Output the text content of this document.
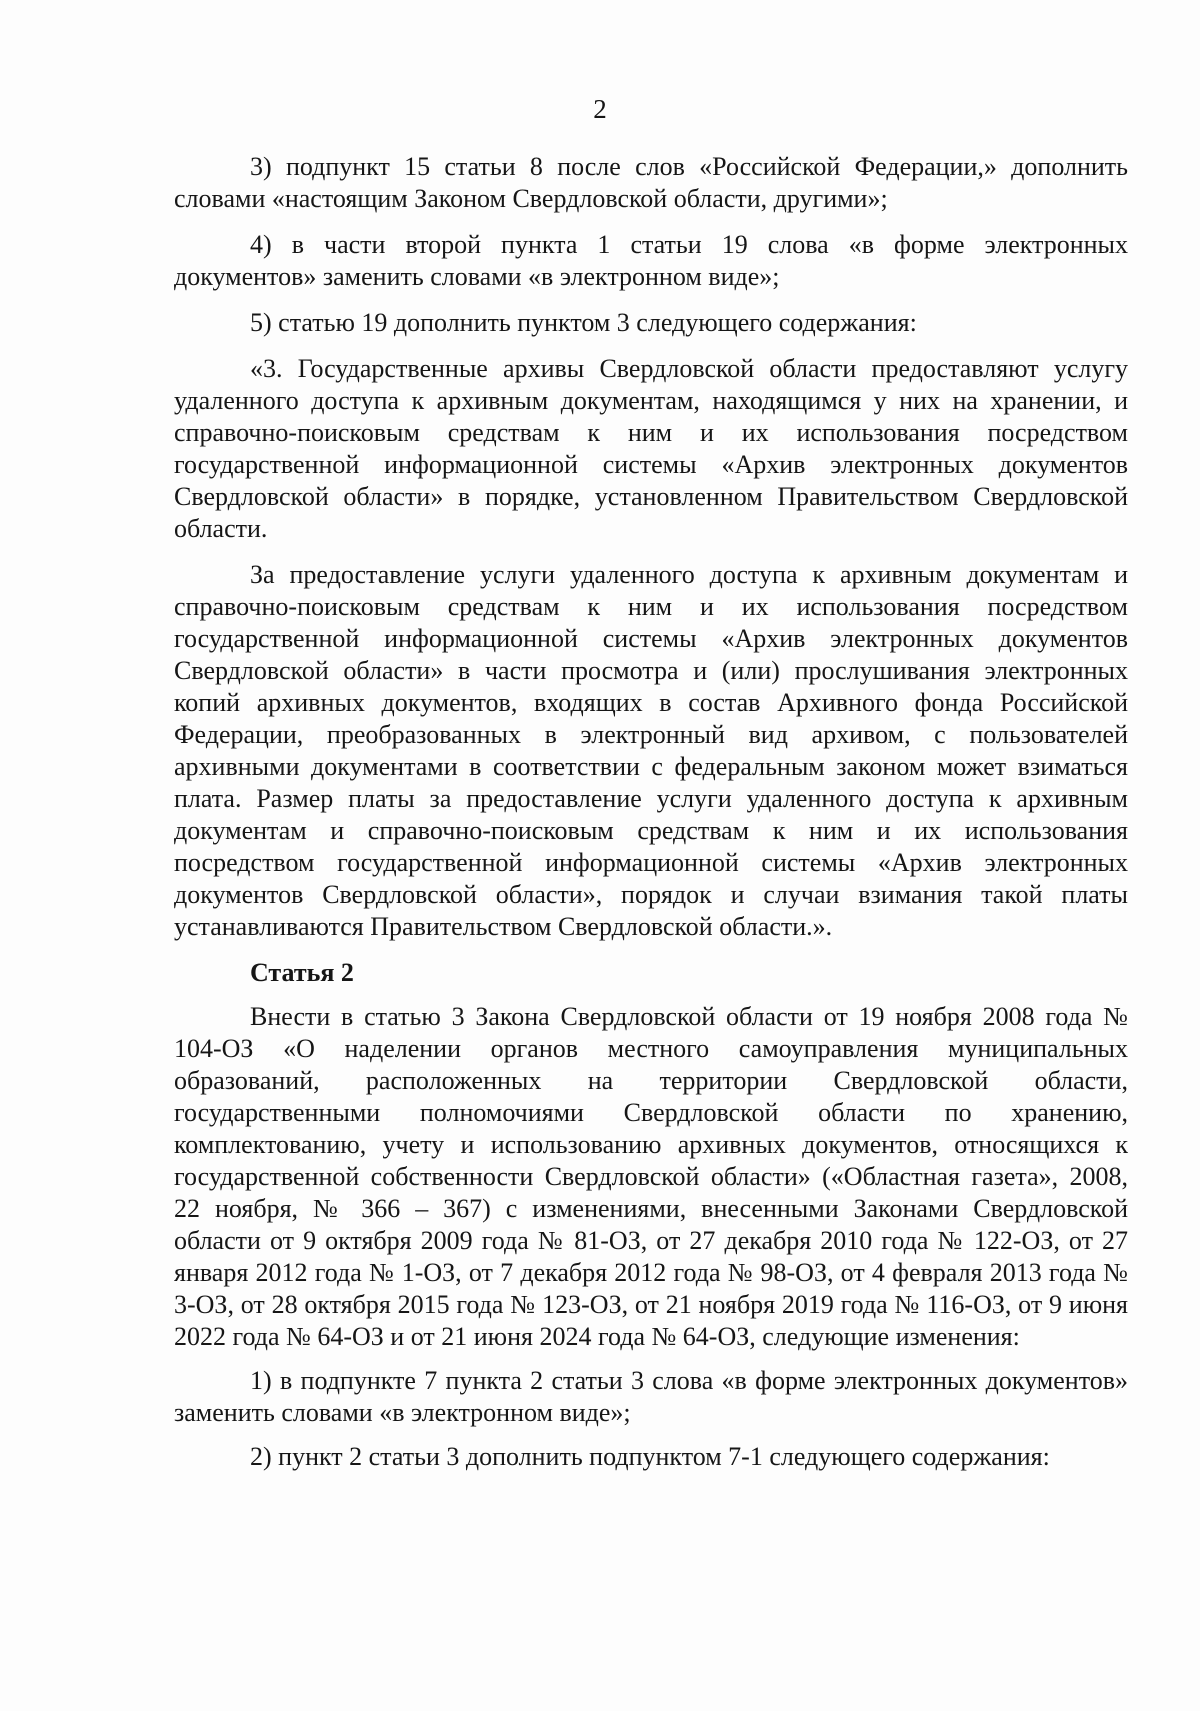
2

3) подпункт 15 статьи 8 после слов «Российской Федерации,» дополнить словами «настоящим Законом Свердловской области, другими»;

4) в части второй пункта 1 статьи 19 слова «в форме электронных документов» заменить словами «в электронном виде»;

5) статью 19 дополнить пунктом 3 следующего содержания:

«3. Государственные архивы Свердловской области предоставляют услугу удаленного доступа к архивным документам, находящимся у них на хранении, и справочно-поисковым средствам к ним и их использования посредством государственной информационной системы «Архив электронных документов Свердловской области» в порядке, установленном Правительством Свердловской области.

За предоставление услуги удаленного доступа к архивным документам и справочно-поисковым средствам к ним и их использования посредством государственной информационной системы «Архив электронных документов Свердловской области» в части просмотра и (или) прослушивания электронных копий архивных документов, входящих в состав Архивного фонда Российской Федерации, преобразованных в электронный вид архивом, с пользователей архивными документами в соответствии с федеральным законом может взиматься плата. Размер платы за предоставление услуги удаленного доступа к архивным документам и справочно-поисковым средствам к ним и их использования посредством государственной информационной системы «Архив электронных документов Свердловской области», порядок и случаи взимания такой платы устанавливаются Правительством Свердловской области.».

Статья 2

Внести в статью 3 Закона Свердловской области от 19 ноября 2008 года № 104-ОЗ «О наделении органов местного самоуправления муниципальных образований, расположенных на территории Свердловской области, государственными полномочиями Свердловской области по хранению, комплектованию, учету и использованию архивных документов, относящихся к государственной собственности Свердловской области» («Областная газета», 2008, 22 ноября, № 366 – 367) с изменениями, внесенными Законами Свердловской области от 9 октября 2009 года № 81-ОЗ, от 27 декабря 2010 года № 122-ОЗ, от 27 января 2012 года № 1-ОЗ, от 7 декабря 2012 года № 98-ОЗ, от 4 февраля 2013 года № 3-ОЗ, от 28 октября 2015 года № 123-ОЗ, от 21 ноября 2019 года № 116-ОЗ, от 9 июня 2022 года № 64-ОЗ и от 21 июня 2024 года № 64-ОЗ, следующие изменения:

1) в подпункте 7 пункта 2 статьи 3 слова «в форме электронных документов» заменить словами «в электронном виде»;

2) пункт 2 статьи 3 дополнить подпунктом 7-1 следующего содержания:
